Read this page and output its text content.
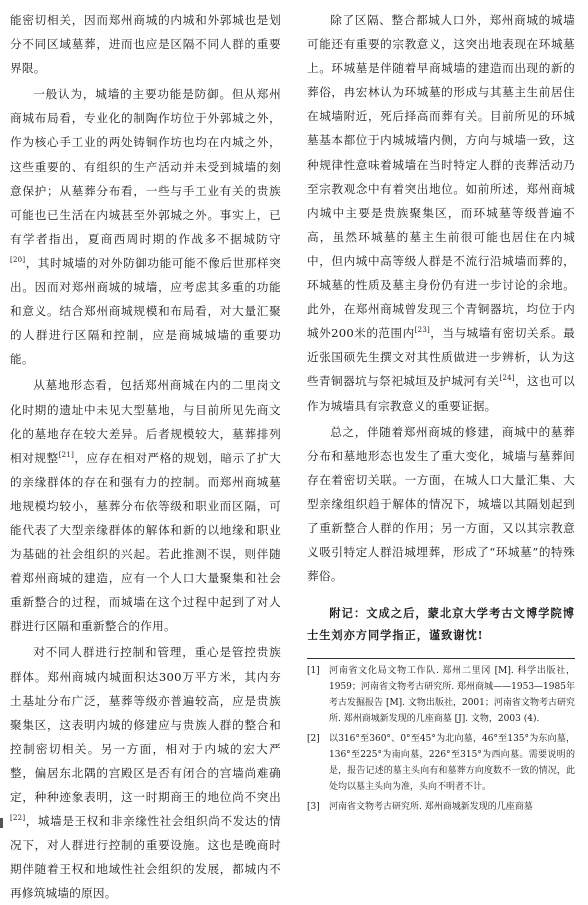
能密切相关，因而郑州商城的内城和外郭城也是划分不同区域墓葬，进而也应是区隔不同人群的重要界限。

一般认为，城墙的主要功能是防御。但从郑州商城布局看，专业化的制陶作坊位于外郭城之外，作为核心手工业的两处铸铜作坊也均在内城之外，这些重要的、有组织的生产活动并未受到城墙的刻意保护；从墓葬分布看，一些与手工业有关的贵族可能也已生活在内城甚至外郭城之外。事实上，已有学者指出，夏商西周时期的作战多不据城防守[20]，其时城墙的对外防御功能可能不像后世那样突出。因而对郑州商城的城墙，应考虑其多重的功能和意义。结合郑州商城规模和布局看，对大量汇聚的人群进行区隔和控制，应是商城城墙的重要功能。

从墓地形态看，包括郑州商城在内的二里岗文化时期的遗址中未见大型墓地，与目前所见先商文化的墓地存在较大差异。后者规模较大，墓葬排列相对规整[21]，应存在相对严格的规划，暗示了扩大的亲缘群体的存在和强有力的控制。而郑州商城墓地规模均较小，墓葬分布依等级和职业而区隔，可能代表了大型亲缘群体的解体和新的以地缘和职业为基础的社会组织的兴起。若此推测不误，则伴随着郑州商城的建造，应有一个人口大量聚集和社会重新整合的过程，而城墙在这个过程中起到了对人群进行区隔和重新整合的作用。

对不同人群进行控制和管理，重心是管控贵族群体。郑州商城内城面积达300万平方米，其内夯土基址分布广泛，墓葬等级亦普遍较高，应是贵族聚集区，这表明内城的修建应与贵族人群的整合和控制密切相关。另一方面，相对于内城的宏大严整，偏居东北隅的宫殿区是否有闭合的宫墙尚难确定，种种迹象表明，这一时期商王的地位尚不突出[22]，城墙是王权和非亲缘性社会组织尚不发达的情况下，对人群进行控制的重要设施。这也是晚商时期伴随着王权和地域性社会组织的发展，都城内不再修筑城墙的原因。

除了区隔、整合都城人口外，郑州商城的城墙可能还有重要的宗教意义，这突出地表现在环城墓上。环城墓是伴随着早商城墙的建造而出现的新的葬俗，冉宏林认为环城墓的形成与其墓主生前居住在城墙附近，死后择高而葬有关。目前所见的环城墓基本都位于内城城墙内侧，方向与城墙一致，这种规律性意味着城墙在当时特定人群的丧葬活动乃至宗教观念中有着突出地位。如前所述，郑州商城内城中主要是贵族聚集区，而环城墓等级普遍不高，虽然环城墓的墓主生前很可能也居住在内城中，但内城中高等级人群是不流行沿城墙而葬的，环城墓的性质及墓主身份仍有进一步讨论的余地。此外，在郑州商城曾发现三个青铜器坑，均位于内城外200米的范围内[23]，当与城墙有密切关系。最近张国硕先生撰文对其性质做进一步辨析，认为这些青铜器坑与祭祀城垣及护城河有关[24]，这也可以作为城墙具有宗教意义的重要证据。

总之，伴随着郑州商城的修建，商城中的墓葬分布和墓地形态也发生了重大变化，城墙与墓葬间存在着密切关联。一方面，在城人口大量汇集、大型亲缘组织趋于解体的情况下，城墙以其隔划起到了重新整合人群的作用；另一方面，又以其宗教意义吸引特定人群沿城埋葬，形成了“环城墓”的特殊葬俗。

附记：文成之后，蒙北京大学考古文博学院博士生刘亦方同学指正，谨致谢忱!

[1]	河南省文化局文物工作队. 郑州二里冈 [M]. 科学出版社，1959；河南省文物考古研究所. 郑州商城——1953—1985年考古发掘报告 [M]. 文物出版社，2001；河南省文物考古研究所. 郑州商城新发现的几座商墓 [J]. 文物，2003 (4).
[2]	以316°至360°、0°至45°为北向墓，46°至135°为东向墓，136°至225°为南向墓，226°至315°为西向墓。需要说明的是，报告记述的墓主头向有和墓葬方向度数不一致的情况，此处均以墓主头向为准，头向不明者不计。
[3]	河南省文物考古研究所. 郑州商城新发现的几座商墓
